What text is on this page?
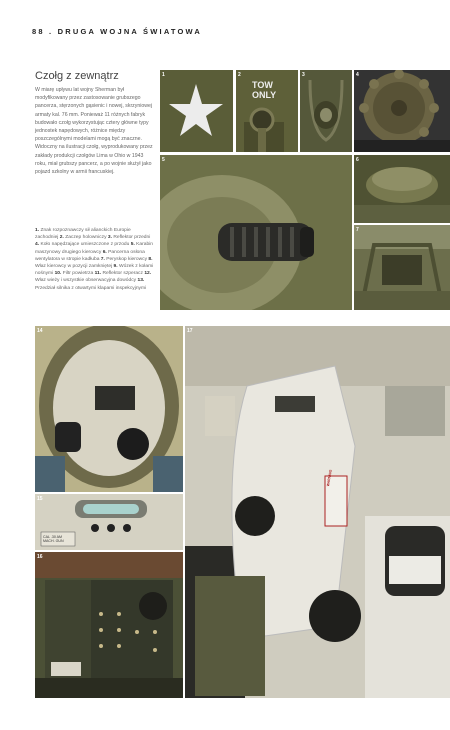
88 . DRUGA WOJNA ŚWIATOWA
Czołg z zewnątrz
W miarę upływu lat wojny Sherman był modyfikowany przez zastosowanie grubszego pancerza, stęrzonych gąsienic i nowej, skrzyniowej armaty kal. 76 mm. Ponieważ 11 różnych fabryk budowało czołg wykorzystując cztery główne typy jednostek napędowych, różnice między poszczególnymi modelami mogą być znaczne. Widoczny na ilustracji czołg, wyprodukowany przez zakłady produkcji czołgów Lima w Ohio w 1943 roku, miał grubszy pancerz, a po wojnie służył jako pojazd szkolny w armii francuskiej.
1. Znak rozpoznawczy sił alianckich Europie zachodniej 2. Zaczep holowniczy 3. Reflektor przedni 4. Koło napędzające umieszczone z przodu 5. Karabin maszynowy drugiego kierowcy 6. Pancerna osłona wentylatora w stropie kadłuba 7. Peryskop kierowcy 8. Właz kierowcy w pozycji zamkniętej 9. Wózek z kołami nośnymi 10. Filtr powietrza 11. Reflektor szperacz 12. Właz wieży i wszystkie obserwacyjna dowódcy 13. Przedział silnika z otwartymi klapami inspekcyjnymi
1
TOW
ONLY
2	3	4
5	6
7
14
CAL .30 AM
MACH. GUN
15
16
WARNING
17
